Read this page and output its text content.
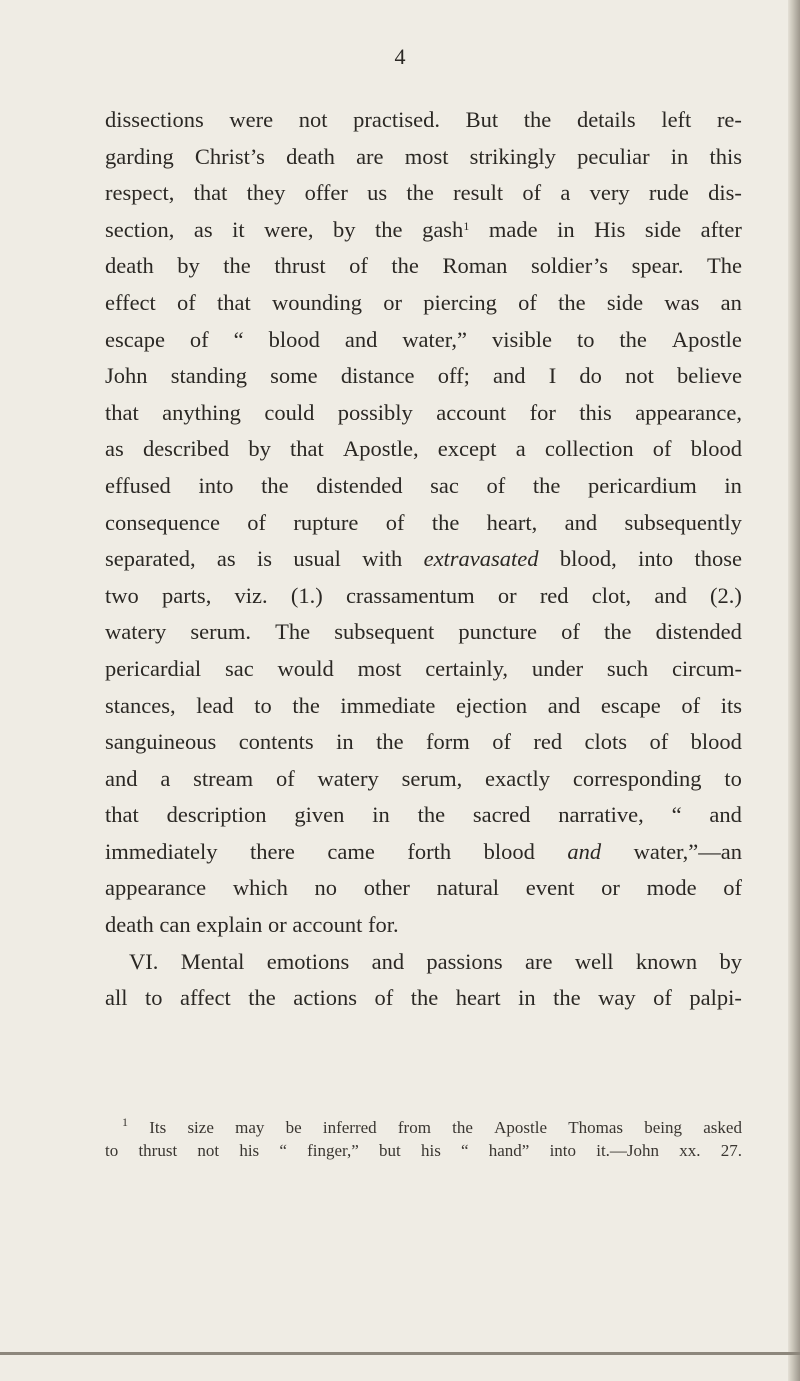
4
dissections were not practised. But the details left re-
garding Christ’s death are most strikingly peculiar in this
respect, that they offer us the result of a very rude dis-
section, as it were, by the gash$^1$ made in His side after
death by the thrust of the Roman soldier’s spear. The
effect of that wounding or piercing of the side was an
escape of “ blood and water,” visible to the Apostle
John standing some distance off; and I do not believe
that anything could possibly account for this appearance,
as described by that Apostle, except a collection of blood
effused into the distended sac of the pericardium in
consequence of rupture of the heart, and subsequently
separated, as is usual with extravasated blood, into those
two parts, viz. (1.) crassamentum or red clot, and (2.)
watery serum. The subsequent puncture of the distended
pericardial sac would most certainly, under such circum-
stances, lead to the immediate ejection and escape of its
sanguineous contents in the form of red clots of blood
and a stream of watery serum, exactly corresponding to
that description given in the sacred narrative, “ and
immediately there came forth blood and water,”—an
appearance which no other natural event or mode of
death can explain or account for.
VI. Mental emotions and passions are well known by
all to affect the actions of the heart in the way of palpi-
$^1$ Its size may be inferred from the Apostle Thomas being asked
to thrust not his “ finger,” but his “ hand” into it.—John xx. 27.
